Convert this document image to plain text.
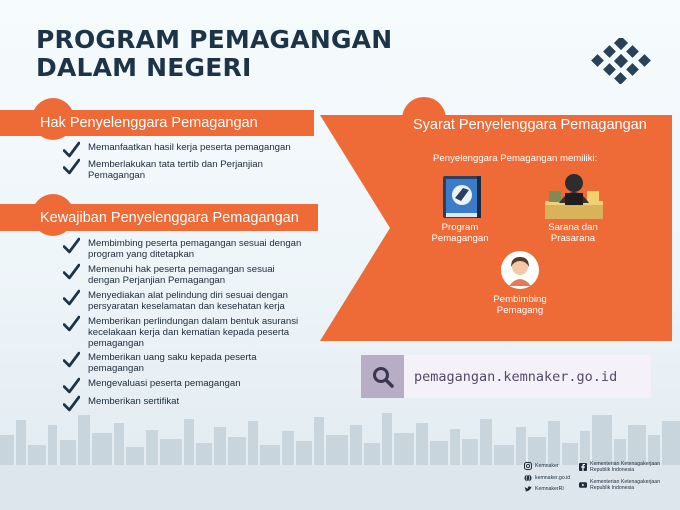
PROGRAM PEMAGANGAN
DALAM NEGERI
Hak Penyelenggara Pemagangan
Memanfaatkan hasil kerja peserta pemagangan
Memberlakukan tata tertib dan Perjanjian Pemagangan
Kewajiban Penyelenggara Pemagangan
Membimbing peserta pemagangan sesuai dengan program yang ditetapkan
Memenuhi hak peserta pemagangan sesuai dengan Perjanjian Pemagangan
Menyediakan alat pelindung diri sesuai dengan persyaratan keselamatan dan kesehatan kerja
Memberikan perlindungan dalam bentuk asuransi kecelakaan kerja dan kematian kepada peserta pemagangan
Memberikan uang saku kepada peserta pemagangan
Mengevaluasi peserta pemagangan
Memberikan sertifikat
Syarat Penyelenggara Pemagangan
Penyelenggara Pemagangan memiliki:
Program
Pemagangan
Sarana dan
Prasarana
Pembimbing
Pemagang
pemagangan.kemnaker.go.id
Kemnaker
kemnaker.go.id
KemnakerRI
Kementerian Ketenagakerjaan
Republik Indonesia
Kementerian Ketenagakerjaan
Republik Indonesia
